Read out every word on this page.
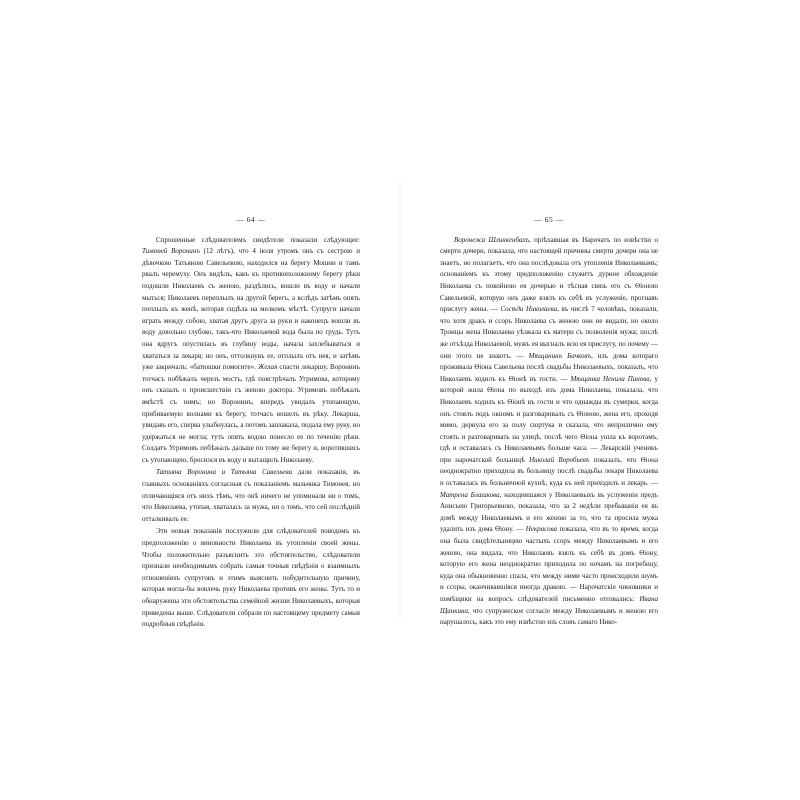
— 64 —

Спрошенные слѣдователемъ свидѣтели показали слѣдующее: Тимоѳей Воронинъ (12 лѣтъ), что 4 іюля утромъ онъ съ сестрою и дѣвочкою Татьяною Савельевою, находился на берегу Мошни и тамъ рвалъ черемуху. Онъ видѣлъ, какъ къ противоположному берегу рѣки подошли Николаевъ съ женою, раздѣлись, вошли въ воду и начали мыться; Николаевъ переплылъ на другой берегъ, а вслѣдъ затѣмъ опять поплылъ къ женѣ, которая сидѣла на мелкомъ мѣстѣ. Супруги начали играть между собою, хватая другъ друга за руки и наконецъ вошли въ воду довольно глубоко, такъ-что Николаевой вода была по грудь. Тутъ она вдругъ опустилась въ глубину воды, начала захлебываться и хвататься за лекаря; но онъ, оттолкнувъ ее, отплылъ отъ нея, и затѣмъ уже закричалъ: «батюшки помогите». Желая спасти лекаршу, Воронинъ тотчасъ побѣжалъ черезъ мостъ, гдѣ повстрѣчалъ Угримова, которому онъ сказалъ о происшествіи съ женою доктора. Угримовъ побѣжалъ вмѣстѣ съ нимъ; но Воронинъ, впередъ увидалъ утопающую, прибиваемую волнами къ берегу, тотчасъ вошелъ въ рѣку. Лекарша, увидавъ его, сперва улыбнулась, а потомъ заплакала, подала ему руку, но удержаться не могла; тутъ опять водою понесло ее по теченію рѣки. Солдатъ Угримовъ побѣжалъ дальше по тому же берегу и, воротившись съ утопающею, бросился въ воду и вытащилъ Николаеву.

Татьяна Воронина и Татьяна Савельева дали показанія, въ главныхъ основаніяхъ согласныя съ показаніемъ мальчика Тимоѳея, но отличающіяся отъ нихъ тѣмъ, что онѣ ничего не упоминали ни о томъ, что Николаева, утопая, хваталась за мужа, ни о томъ, что сей послѣдній отталкивалъ ее.

Эти новыя показанія послужили для слѣдователей поводомъ къ предположенію о виновности Николаева въ утопленіи своей жены. Чтобы положительно разъяснить это обстоятельство, слѣдователи признали необходимымъ собрать самыя точныя свѣдѣнія о взаимныхъ отношеніяхъ супруговъ и этимъ выяснить побудительную причину, которая могла-бы вовлечь руку Николаева противъ его жены. Тутъ то и обнаружены эти обстоятельства семейной жизни Николаевыхъ, которыя приведены выше. Слѣдователи собрали по настоящему предмету самыя подробныя свѣдѣнія.

— 65 —

Воронежа Шлинкенбахъ, пріѣхавшая въ Нарочатъ по извѣстію о смерти дочери, показала, что настоящей причины смерти дочери она не знаетъ, но полагаетъ, что она послѣдовала отъ утопленія Николаевымъ; основаніемъ къ этому предположенію служитъ дурное обхожденіе Николаева съ покойною ея дочерью и тѣсная связь его съ Ѳіоною Савельевой, которую онъ даже взялъ къ себѣ въ услуженіе, прогнавъ прислугу жены. — Сосѣди Николаева, въ числѣ 7 человѣкъ, показали, что хотя дракъ и ссоръ Николаева съ женою они не видали, но около Троицы жена Николаева уѣзжала къ матери съ позволенія мужа; послѣ же отъѣзда Николаевой, мужъ ея выгналъ всю ея прислугу, по почему — они этого не знаютъ. — Мѣщанинъ Бачковъ, изъ дома котораго проживала Ѳіона Савельева послѣ свадьбы Николаевыхъ, показалъ, что Николаевъ ходилъ къ Ѳіонѣ въ гости. — Мѣщанка Ненила Панова, у которой жила Ѳіона по выходѣ изъ дома Николаева, показала, что Николаевъ ходилъ къ Ѳіонѣ въ гости и что однажды въ сумерки, когда онъ стоялъ подъ окномъ и разговаривалъ съ Ѳіоною, жена его, проходя мимо, дернула его за полу сюртука и сказала, что неприлично ему стоять и разговаривать на улицѣ, послѣ чего Ѳіона ушла къ воротамъ, гдѣ и оставалась съ Николаевымъ больше часа. — Лекарскій ученикъ при нарочатской больницѣ Николай Воробьевъ показалъ, что Ѳіона неоднократно приходила въ больницу послѣ свадьбы лекаря Николаева и оставалась въ больничной кухнѣ, куда къ ней приходилъ и лекарь. — Матрена Блашкова, находившаяся у Николаевыхъ въ услуженіи предъ Анисьею Григорьевною, показала, что за 2 недѣли пребыванія ея въ домѣ между Николаевымъ и его женою за то, что та просила мужа удалить изъ дома Ѳіону. — Некрасова показала, что въ то время, когда она была свидѣтельницею частыхъ ссоръ между Николаевымъ и его женою, она видала, что Николаевъ взялъ къ себѣ въ домъ Ѳіону, которую его жена неоднократно приходила по ночамъ на погребицу, куда она обыкновенно спала, что между ними часто происходили шумъ и ссоры, оканчивавшіяся иногда дракою. — Нарочатскіе чиновники и помѣщики на вопросъ слѣдователей письменно отозвались: Ивана Щанкина, что супружеское согласіе между Николаевымъ и женою его нарушалось, какъ это ему извѣстно изъ словъ самаго Нико-
